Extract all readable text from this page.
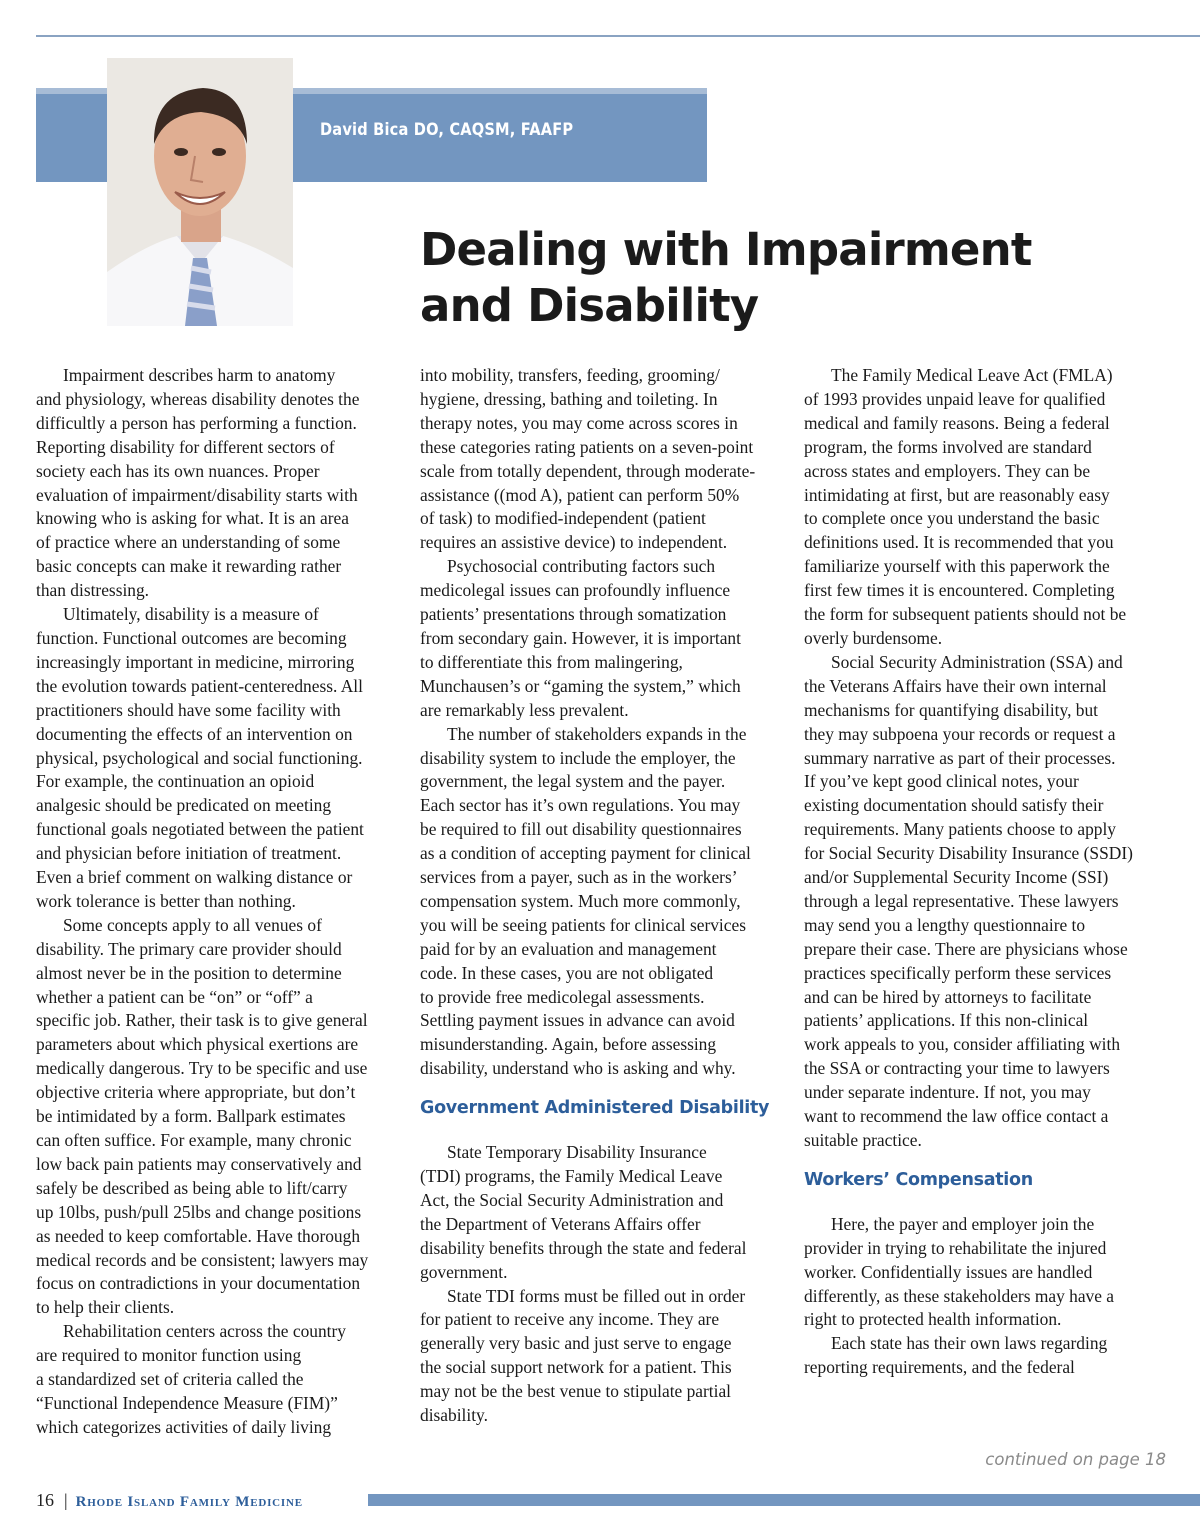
David Bica DO, CAQSM, FAAFP
Dealing with Impairment
and Disability

Impairment describes harm to anatomy

and physiology, whereas disability denotes the

difficultly a person has performing a function.

Reporting disability for different sectors of

society each has its own nuances. Proper

evaluation of impairment/disability starts with

knowing who is asking for what. It is an area

of practice where an understanding of some

basic concepts can make it rewarding rather

than distressing.

Ultimately, disability is a measure of

function. Functional outcomes are becoming

increasingly important in medicine, mirroring

the evolution towards patient-centeredness. All

practitioners should have some facility with

documenting the effects of an intervention on

physical, psychological and social functioning.

For example, the continuation an opioid

analgesic should be predicated on meeting

functional goals negotiated between the patient

and physician before initiation of treatment.

Even a brief comment on walking distance or

work tolerance is better than nothing.

Some concepts apply to all venues of

disability. The primary care provider should

almost never be in the position to determine

whether a patient can be “on” or “off” a

specific job. Rather, their task is to give general

parameters about which physical exertions are

medically dangerous. Try to be specific and use

objective criteria where appropriate, but don’t

be intimidated by a form. Ballpark estimates

can often suffice. For example, many chronic

low back pain patients may conservatively and

safely be described as being able to lift/carry

up 10lbs, push/pull 25lbs and change positions

as needed to keep comfortable. Have thorough

medical records and be consistent; lawyers may

focus on contradictions in your documentation

to help their clients.

Rehabilitation centers across the country

are required to monitor function using

a standardized set of criteria called the

“Functional Independence Measure (FIM)”

which categorizes activities of daily living

into mobility, transfers, feeding, grooming/

hygiene, dressing, bathing and toileting. In

therapy notes, you may come across scores in

these categories rating patients on a seven-point

scale from totally dependent, through moderate-

assistance ((mod A), patient can perform 50%

of task) to modified-independent (patient

requires an assistive device) to independent.

Psychosocial contributing factors such

medicolegal issues can profoundly influence

patients’ presentations through somatization

from secondary gain. However, it is important

to differentiate this from malingering,

Munchausen’s or “gaming the system,” which

are remarkably less prevalent.

The number of stakeholders expands in the

disability system to include the employer, the

government, the legal system and the payer.

Each sector has it’s own regulations. You may

be required to fill out disability questionnaires

as a condition of accepting payment for clinical

services from a payer, such as in the workers’

compensation system. Much more commonly,

you will be seeing patients for clinical services

paid for by an evaluation and management

code. In these cases, you are not obligated

to provide free medicolegal assessments.

Settling payment issues in advance can avoid

misunderstanding. Again, before assessing

disability, understand who is asking and why.

Government Administered Disability

State Temporary Disability Insurance

(TDI) programs, the Family Medical Leave

Act, the Social Security Administration and

the Department of Veterans Affairs offer

disability benefits through the state and federal

government.

State TDI forms must be filled out in order

for patient to receive any income. They are

generally very basic and just serve to engage

the social support network for a patient. This

may not be the best venue to stipulate partial

disability.

The Family Medical Leave Act (FMLA)

of 1993 provides unpaid leave for qualified

medical and family reasons. Being a federal

program, the forms involved are standard

across states and employers. They can be

intimidating at first, but are reasonably easy

to complete once you understand the basic

definitions used. It is recommended that you

familiarize yourself with this paperwork the

first few times it is encountered. Completing

the form for subsequent patients should not be

overly burdensome.

Social Security Administration (SSA) and

the Veterans Affairs have their own internal

mechanisms for quantifying disability, but

they may subpoena your records or request a

summary narrative as part of their processes.

If you’ve kept good clinical notes, your

existing documentation should satisfy their

requirements. Many patients choose to apply

for Social Security Disability Insurance (SSDI)

and/or Supplemental Security Income (SSI)

through a legal representative. These lawyers

may send you a lengthy questionnaire to

prepare their case. There are physicians whose

practices specifically perform these services

and can be hired by attorneys to facilitate

patients’ applications. If this non-clinical

work appeals to you, consider affiliating with

the SSA or contracting your time to lawyers

under separate indenture. If not, you may

want to recommend the law office contact a

suitable practice.

Workers’ Compensation

Here, the payer and employer join the

provider in trying to rehabilitate the injured

worker. Confidentially issues are handled

differently, as these stakeholders may have a

right to protected health information.

Each state has their own laws regarding

reporting requirements, and the federal

continued on page 18
16 | Rhode Island Family Medicine
